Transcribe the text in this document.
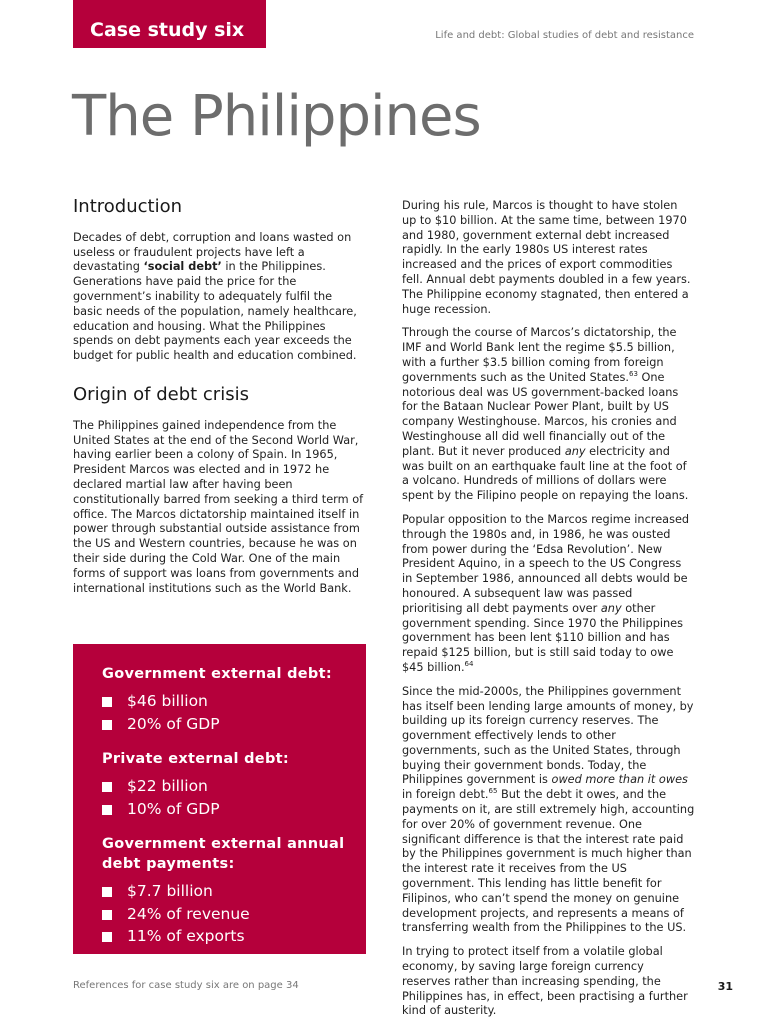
Case study six	Life and debt: Global studies of debt and resistance
The Philippines
Introduction

Decades of debt, corruption and loans wasted on useless or fraudulent projects have left a devastating ‘social debt’ in the Philippines. Generations have paid the price for the government’s inability to adequately fulfil the basic needs of the population, namely healthcare, education and housing. What the Philippines spends on debt payments each year exceeds the budget for public health and education combined.

Origin of debt crisis

The Philippines gained independence from the United States at the end of the Second World War, having earlier been a colony of Spain. In 1965, President Marcos was elected and in 1972 he declared martial law after having been constitutionally barred from seeking a third term of office. The Marcos dictatorship maintained itself in power through substantial outside assistance from the US and Western countries, because he was on their side during the Cold War. One of the main forms of support was loans from governments and international institutions such as the World Bank.

Government external debt:
$46 billion
20% of GDP
Private external debt:
$22 billion
10% of GDP
Government external annual debt payments:
$7.7 billion
24% of revenue
11% of exports

During his rule, Marcos is thought to have stolen up to $10 billion. At the same time, between 1970 and 1980, government external debt increased rapidly. In the early 1980s US interest rates increased and the prices of export commodities fell. Annual debt payments doubled in a few years. The Philippine economy stagnated, then entered a huge recession.

Through the course of Marcos’s dictatorship, the IMF and World Bank lent the regime $5.5 billion, with a further $3.5 billion coming from foreign governments such as the United States.$^{63}$ One notorious deal was US government-backed loans for the Bataan Nuclear Power Plant, built by US company Westinghouse. Marcos, his cronies and Westinghouse all did well financially out of the plant. But it never produced any electricity and was built on an earthquake fault line at the foot of a volcano. Hundreds of millions of dollars were spent by the Filipino people on repaying the loans.

Popular opposition to the Marcos regime increased through the 1980s and, in 1986, he was ousted from power during the ‘Edsa Revolution’. New President Aquino, in a speech to the US Congress in September 1986, announced all debts would be honoured. A subsequent law was passed prioritising all debt payments over any other government spending. Since 1970 the Philippines government has been lent $110 billion and has repaid $125 billion, but is still said today to owe $45 billion.$^{64}$

Since the mid-2000s, the Philippines government has itself been lending large amounts of money, by building up its foreign currency reserves. The government effectively lends to other governments, such as the United States, through buying their government bonds. Today, the Philippines government is owed more than it owes in foreign debt.$^{65}$ But the debt it owes, and the payments on it, are still extremely high, accounting for over 20% of government revenue. One significant difference is that the interest rate paid by the Philippines government is much higher than the interest rate it receives from the US government. This lending has little benefit for Filipinos, who can’t spend the money on genuine development projects, and represents a means of transferring wealth from the Philippines to the US.

In trying to protect itself from a volatile global economy, by saving large foreign currency reserves rather than increasing spending, the Philippines has, in effect, been practising a further kind of austerity.

References for case study six are on page 34	31
